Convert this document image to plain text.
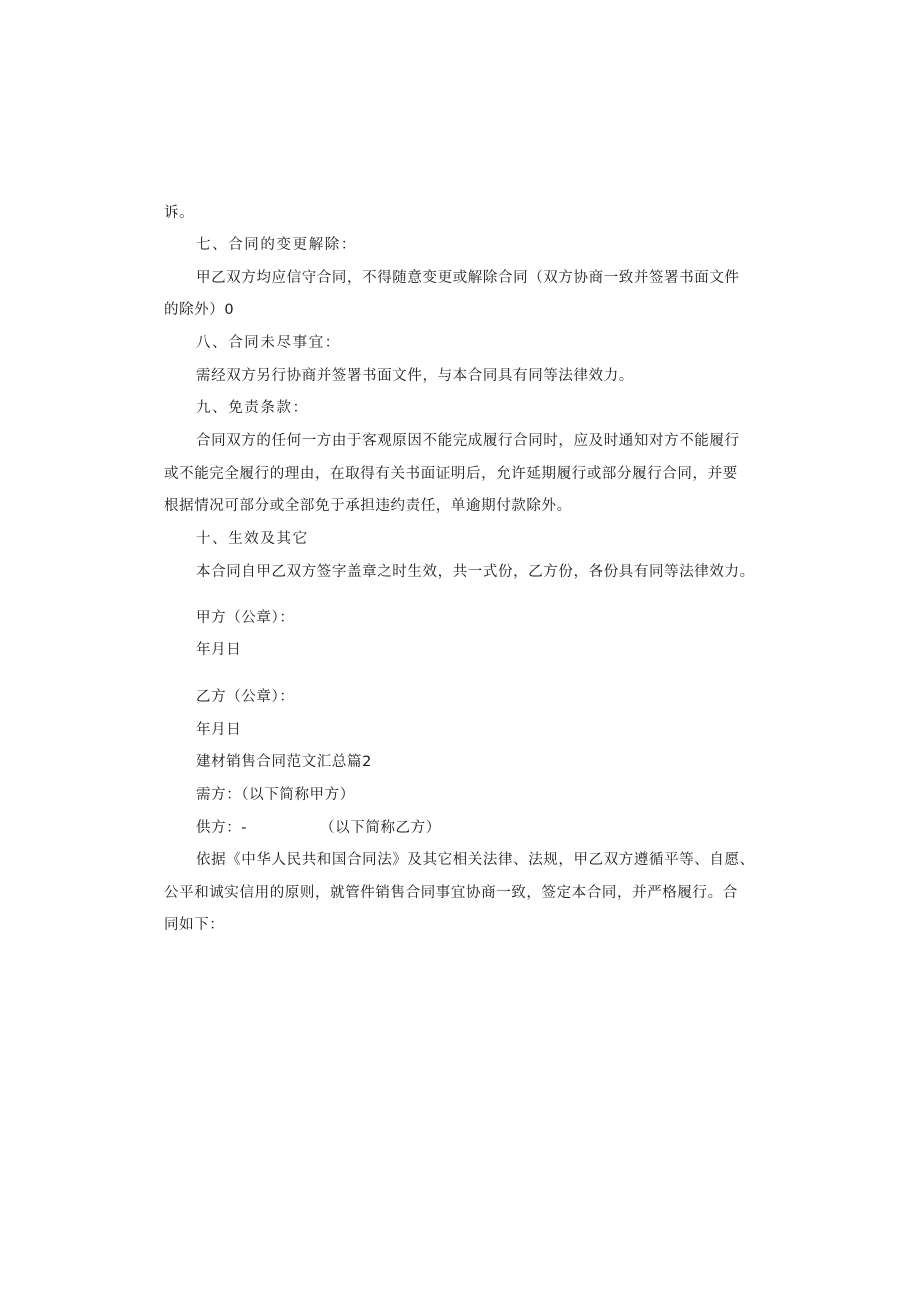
诉。
七、合同的变更解除：
甲乙双方均应信守合同，不得随意变更或解除合同（双方协商一致并签署书面文件
的除外）0
八、合同未尽事宜：
需经双方另行协商并签署书面文件，与本合同具有同等法律效力。
九、免责条款：
合同双方的任何一方由于客观原因不能完成履行合同时，应及时通知对方不能履行
或不能完全履行的理由，在取得有关书面证明后，允许延期履行或部分履行合同，并要
根据情况可部分或全部免于承担违约责任，单逾期付款除外。
十、生效及其它
本合同自甲乙双方签字盖章之时生效，共一式份，乙方份，各份具有同等法律效力。
甲方（公章）：
年月日
乙方（公章）：
年月日
建材销售合同范文汇总篇2
需方：（以下简称甲方）
供方：-              （以下简称乙方）
依据《中华人民共和国合同法》及其它相关法律、法规，甲乙双方遵循平等、自愿、
公平和诚实信用的原则，就管件销售合同事宜协商一致，签定本合同，并严格履行。合
同如下：
